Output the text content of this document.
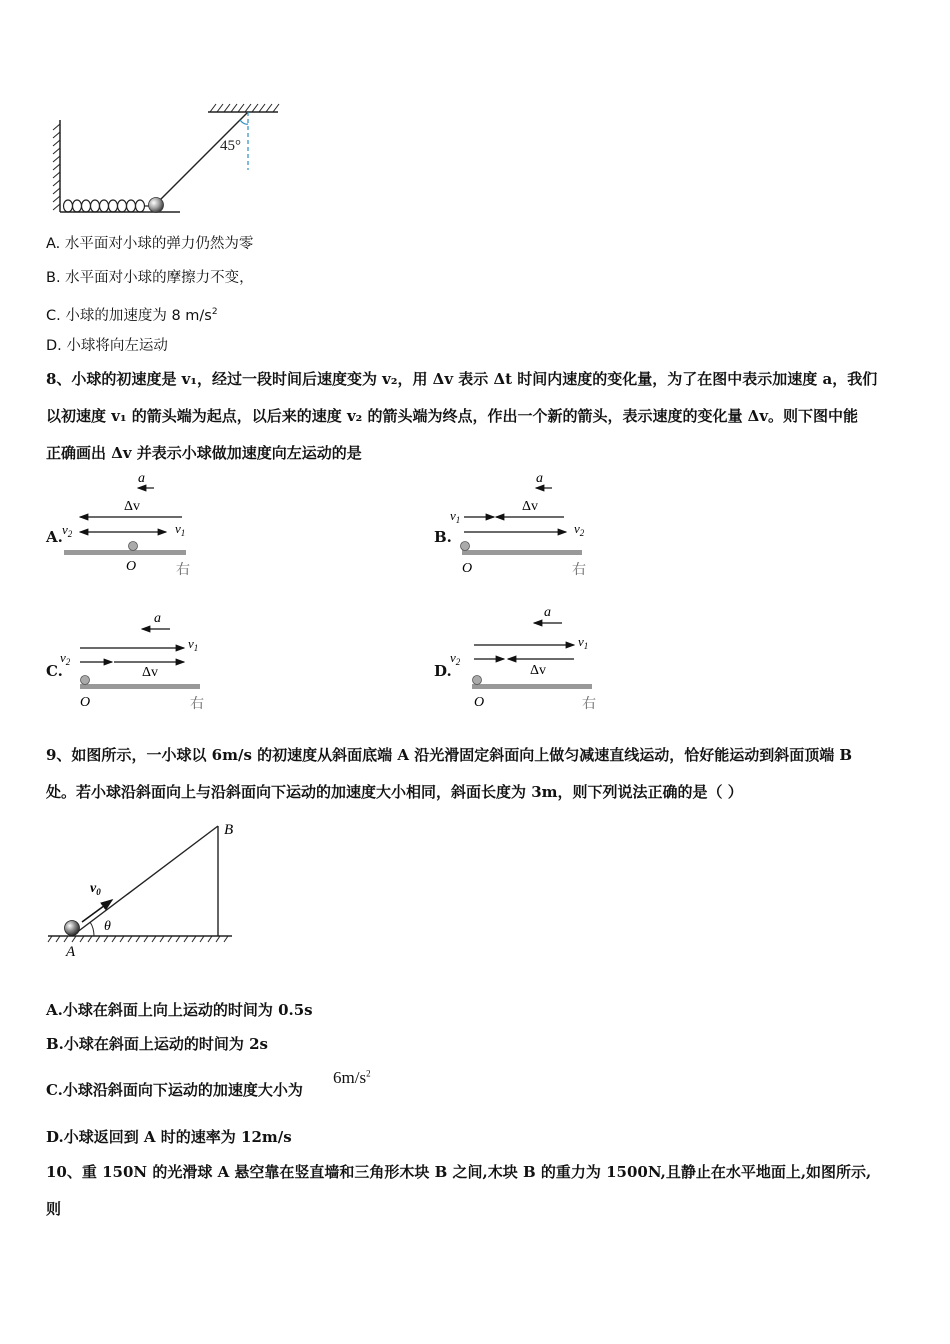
45°
A. 水平面对小球的弹力仍然为零
B. 水平面对小球的摩擦力不变，
C. 小球的加速度为 8 $m/s^2$
D. 小球将向左运动
8、小球的初速度是 v₁，经过一段时间后速度变为 v₂，用 Δv 表示 Δt 时间内速度的变化量，为了在图中表示加速度 a，我们
以初速度 v₁ 的箭头端为起点，以后来的速度 v₂ 的箭头端为终点，作出一个新的箭头，表示速度的变化量 Δv。则下图中能
正确画出 Δv 并表示小球做加速度向左运动的是
A.
a
Δv
$v_2$	$v_1$
O	右
B.
a
Δv
$v_1$
$v_2$
O	右
C.
a
$v_1$
$v_2$
Δv
O	右
D.
a
$v_1$
$v_2$
Δv
O	右
9、如图所示，一小球以 6m/s 的初速度从斜面底端 A 沿光滑固定斜面向上做匀减速直线运动，恰好能运动到斜面顶端 B
处。若小球沿斜面向上与沿斜面向下运动的加速度大小相同，斜面长度为 3m，则下列说法正确的是（ ）
θ
$v_0$
A
B
A.小球在斜面上向上运动的时间为 0.5s
B.小球在斜面上运动的时间为 2s
C.小球沿斜面向下运动的加速度大小为
$6m/s^2$
D.小球返回到 A 时的速率为 12m/s
10、重 150N 的光滑球 A 悬空靠在竖直墙和三角形木块 B 之间,木块 B 的重力为 1500N,且静止在水平地面上,如图所示,
则
